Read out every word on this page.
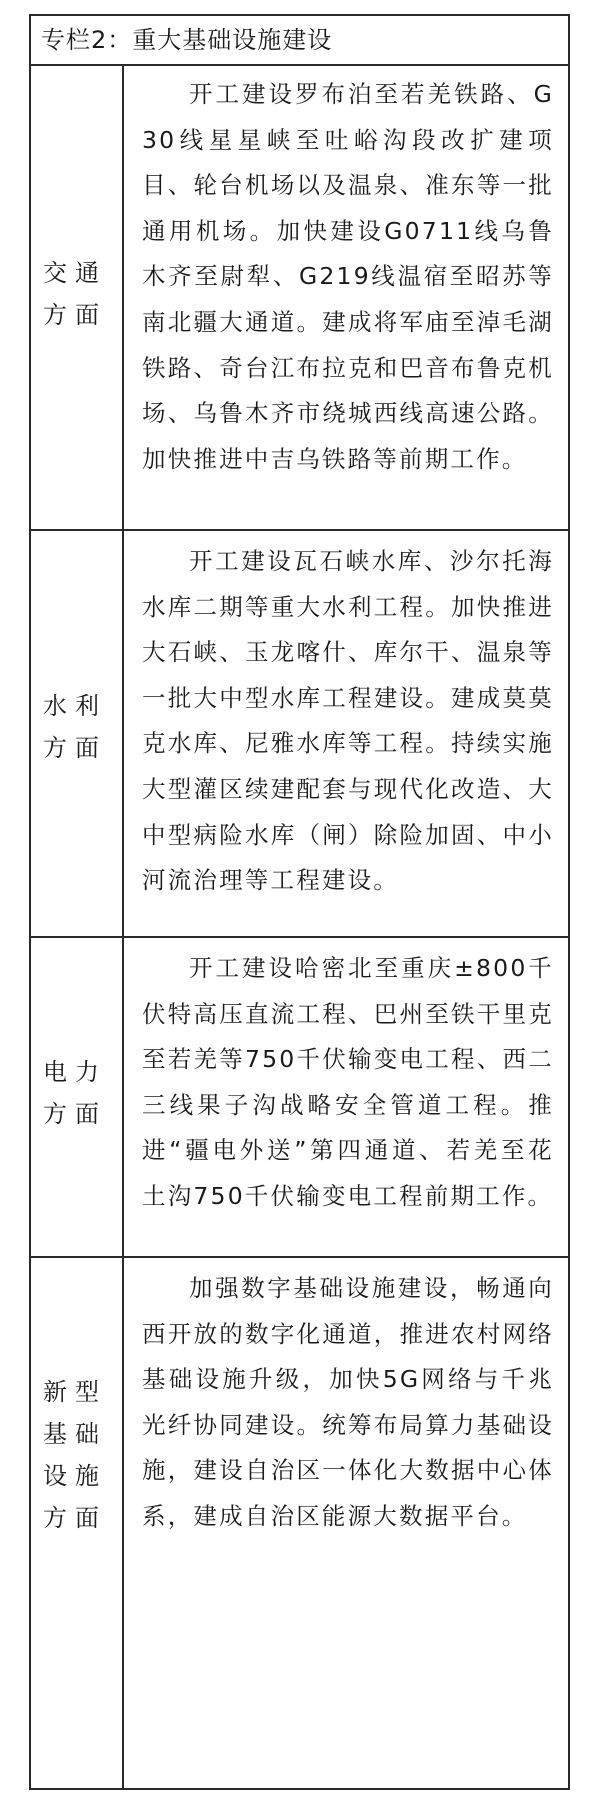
专栏2：重大基础设施建设
交通方面

开工建设罗布泊至若羌铁路、G30线星星峡至吐峪沟段改扩建项目、轮台机场以及温泉、准东等一批通用机场。加快建设G0711线乌鲁木齐至尉犁、G219线温宿至昭苏等南北疆大通道。建成将军庙至淖毛湖铁路、奇台江布拉克和巴音布鲁克机场、乌鲁木齐市绕城西线高速公路。加快推进中吉乌铁路等前期工作。

水利方面

开工建设瓦石峡水库、沙尔托海水库二期等重大水利工程。加快推进大石峡、玉龙喀什、库尔干、温泉等一批大中型水库工程建设。建成莫莫克水库、尼雅水库等工程。持续实施大型灌区续建配套与现代化改造、大中型病险水库（闸）除险加固、中小河流治理等工程建设。

电力方面

开工建设哈密北至重庆±800千伏特高压直流工程、巴州至铁干里克至若羌等750千伏输变电工程、西二三线果子沟战略安全管道工程。推进“疆电外送”第四通道、若羌至花土沟750千伏输变电工程前期工作。

新型基础设施方面

加强数字基础设施建设，畅通向西开放的数字化通道，推进农村网络基础设施升级，加快5G网络与千兆光纤协同建设。统筹布局算力基础设施，建设自治区一体化大数据中心体系，建成自治区能源大数据平台。
